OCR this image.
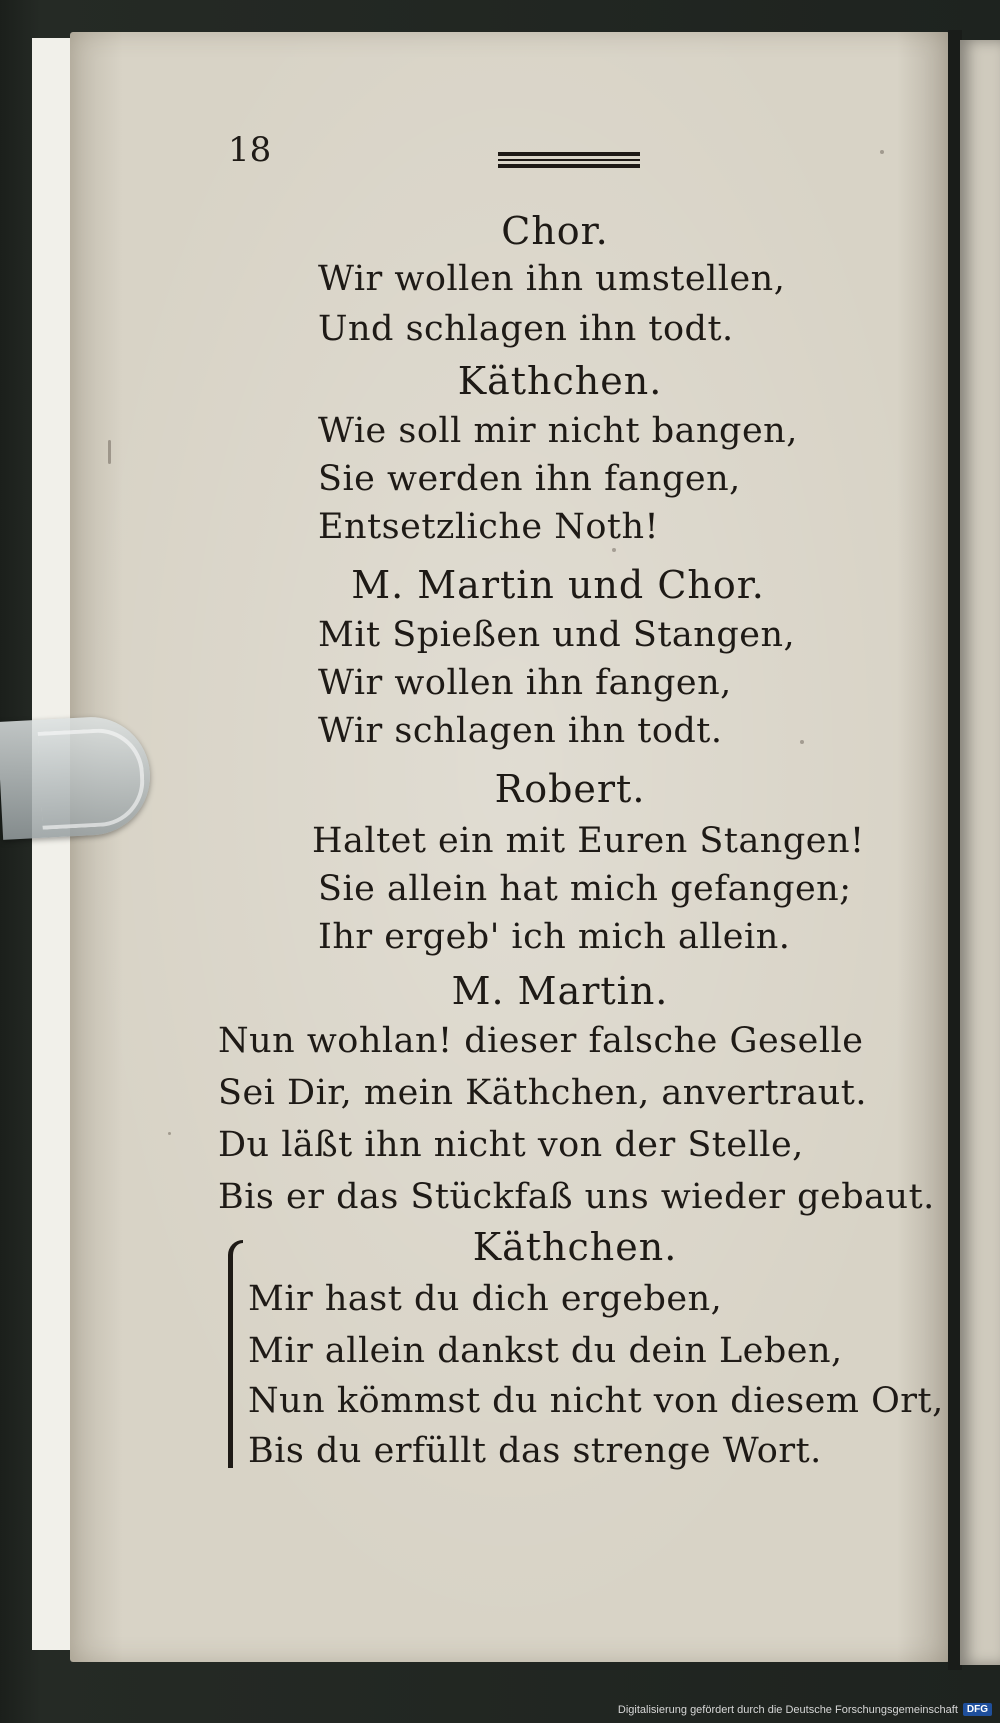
18
Chor.
Wir wollen ihn umstellen,
Und schlagen ihn todt.
Käthchen.
Wie soll mir nicht bangen,
Sie werden ihn fangen,
Entsetzliche Noth!
M. Martin und Chor.
Mit Spießen und Stangen,
Wir wollen ihn fangen,
Wir schlagen ihn todt.
Robert.
Haltet ein mit Euren Stangen!
Sie allein hat mich gefangen;
Ihr ergeb' ich mich allein.
M. Martin.
Nun wohlan! dieser falsche Geselle
Sei Dir, mein Käthchen, anvertraut.
Du läßt ihn nicht von der Stelle,
Bis er das Stückfaß uns wieder gebaut.
Käthchen.
Mir hast du dich ergeben,
Mir allein dankst du dein Leben,
Nun kömmst du nicht von diesem Ort,
Bis du erfüllt das strenge Wort.
Digitalisierung gefördert durch die Deutsche Forschungsgemeinschaft DFG
